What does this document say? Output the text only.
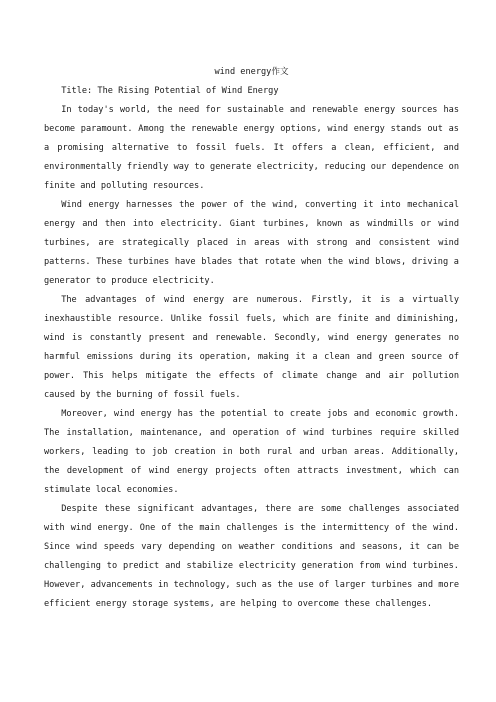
wind energy作文

Title: The Rising Potential of Wind Energy

In today's world, the need for sustainable and renewable energy sources has become paramount. Among the renewable energy options, wind energy stands out as a promising alternative to fossil fuels. It offers a clean, efficient, and environmentally friendly way to generate electricity, reducing our dependence on finite and polluting resources.

Wind energy harnesses the power of the wind, converting it into mechanical energy and then into electricity. Giant turbines, known as windmills or wind turbines, are strategically placed in areas with strong and consistent wind patterns. These turbines have blades that rotate when the wind blows, driving a generator to produce electricity.

The advantages of wind energy are numerous. Firstly, it is a virtually inexhaustible resource. Unlike fossil fuels, which are finite and diminishing, wind is constantly present and renewable. Secondly, wind energy generates no harmful emissions during its operation, making it a clean and green source of power. This helps mitigate the effects of climate change and air pollution caused by the burning of fossil fuels.

Moreover, wind energy has the potential to create jobs and economic growth. The installation, maintenance, and operation of wind turbines require skilled workers, leading to job creation in both rural and urban areas. Additionally, the development of wind energy projects often attracts investment, which can stimulate local economies.

Despite these significant advantages, there are some challenges associated with wind energy. One of the main challenges is the intermittency of the wind. Since wind speeds vary depending on weather conditions and seasons, it can be challenging to predict and stabilize electricity generation from wind turbines. However, advancements in technology, such as the use of larger turbines and more efficient energy storage systems, are helping to overcome these challenges.
